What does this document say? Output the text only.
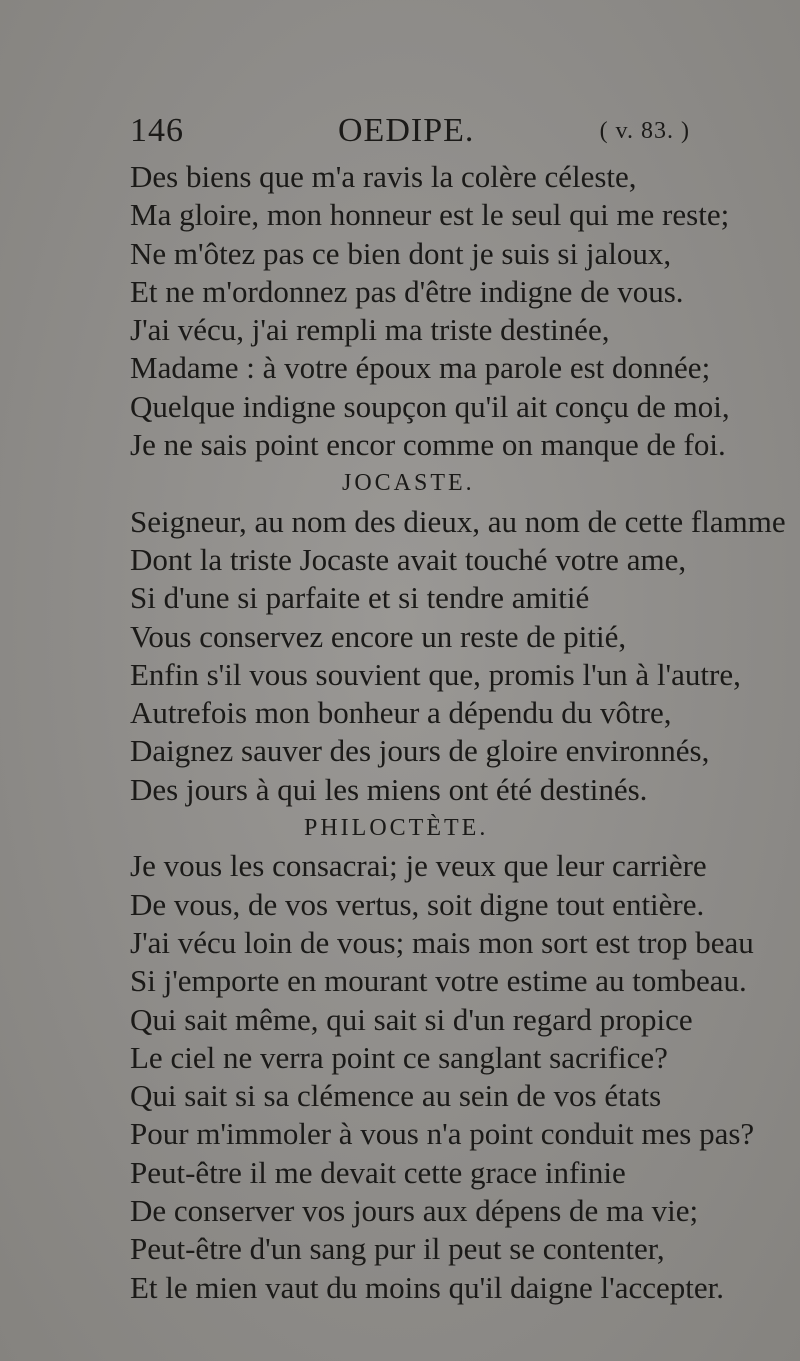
146	OEDIPE.	( v. 83. )
Des biens que m'a ravis la colère céleste,
Ma gloire, mon honneur est le seul qui me reste;
Ne m'ôtez pas ce bien dont je suis si jaloux,
Et ne m'ordonnez pas d'être indigne de vous.
J'ai vécu, j'ai rempli ma triste destinée,
Madame : à votre époux ma parole est donnée;
Quelque indigne soupçon qu'il ait conçu de moi,
Je ne sais point encor comme on manque de foi.
JOCASTE.
Seigneur, au nom des dieux, au nom de cette flamme
Dont la triste Jocaste avait touché votre ame,
Si d'une si parfaite et si tendre amitié
Vous conservez encore un reste de pitié,
Enfin s'il vous souvient que, promis l'un à l'autre,
Autrefois mon bonheur a dépendu du vôtre,
Daignez sauver des jours de gloire environnés,
Des jours à qui les miens ont été destinés.
PHILOCTÈTE.
Je vous les consacrai; je veux que leur carrière
De vous, de vos vertus, soit digne tout entière.
J'ai vécu loin de vous; mais mon sort est trop beau
Si j'emporte en mourant votre estime au tombeau.
Qui sait même, qui sait si d'un regard propice
Le ciel ne verra point ce sanglant sacrifice?
Qui sait si sa clémence au sein de vos états
Pour m'immoler à vous n'a point conduit mes pas?
Peut-être il me devait cette grace infinie
De conserver vos jours aux dépens de ma vie;
Peut-être d'un sang pur il peut se contenter,
Et le mien vaut du moins qu'il daigne l'accepter.
